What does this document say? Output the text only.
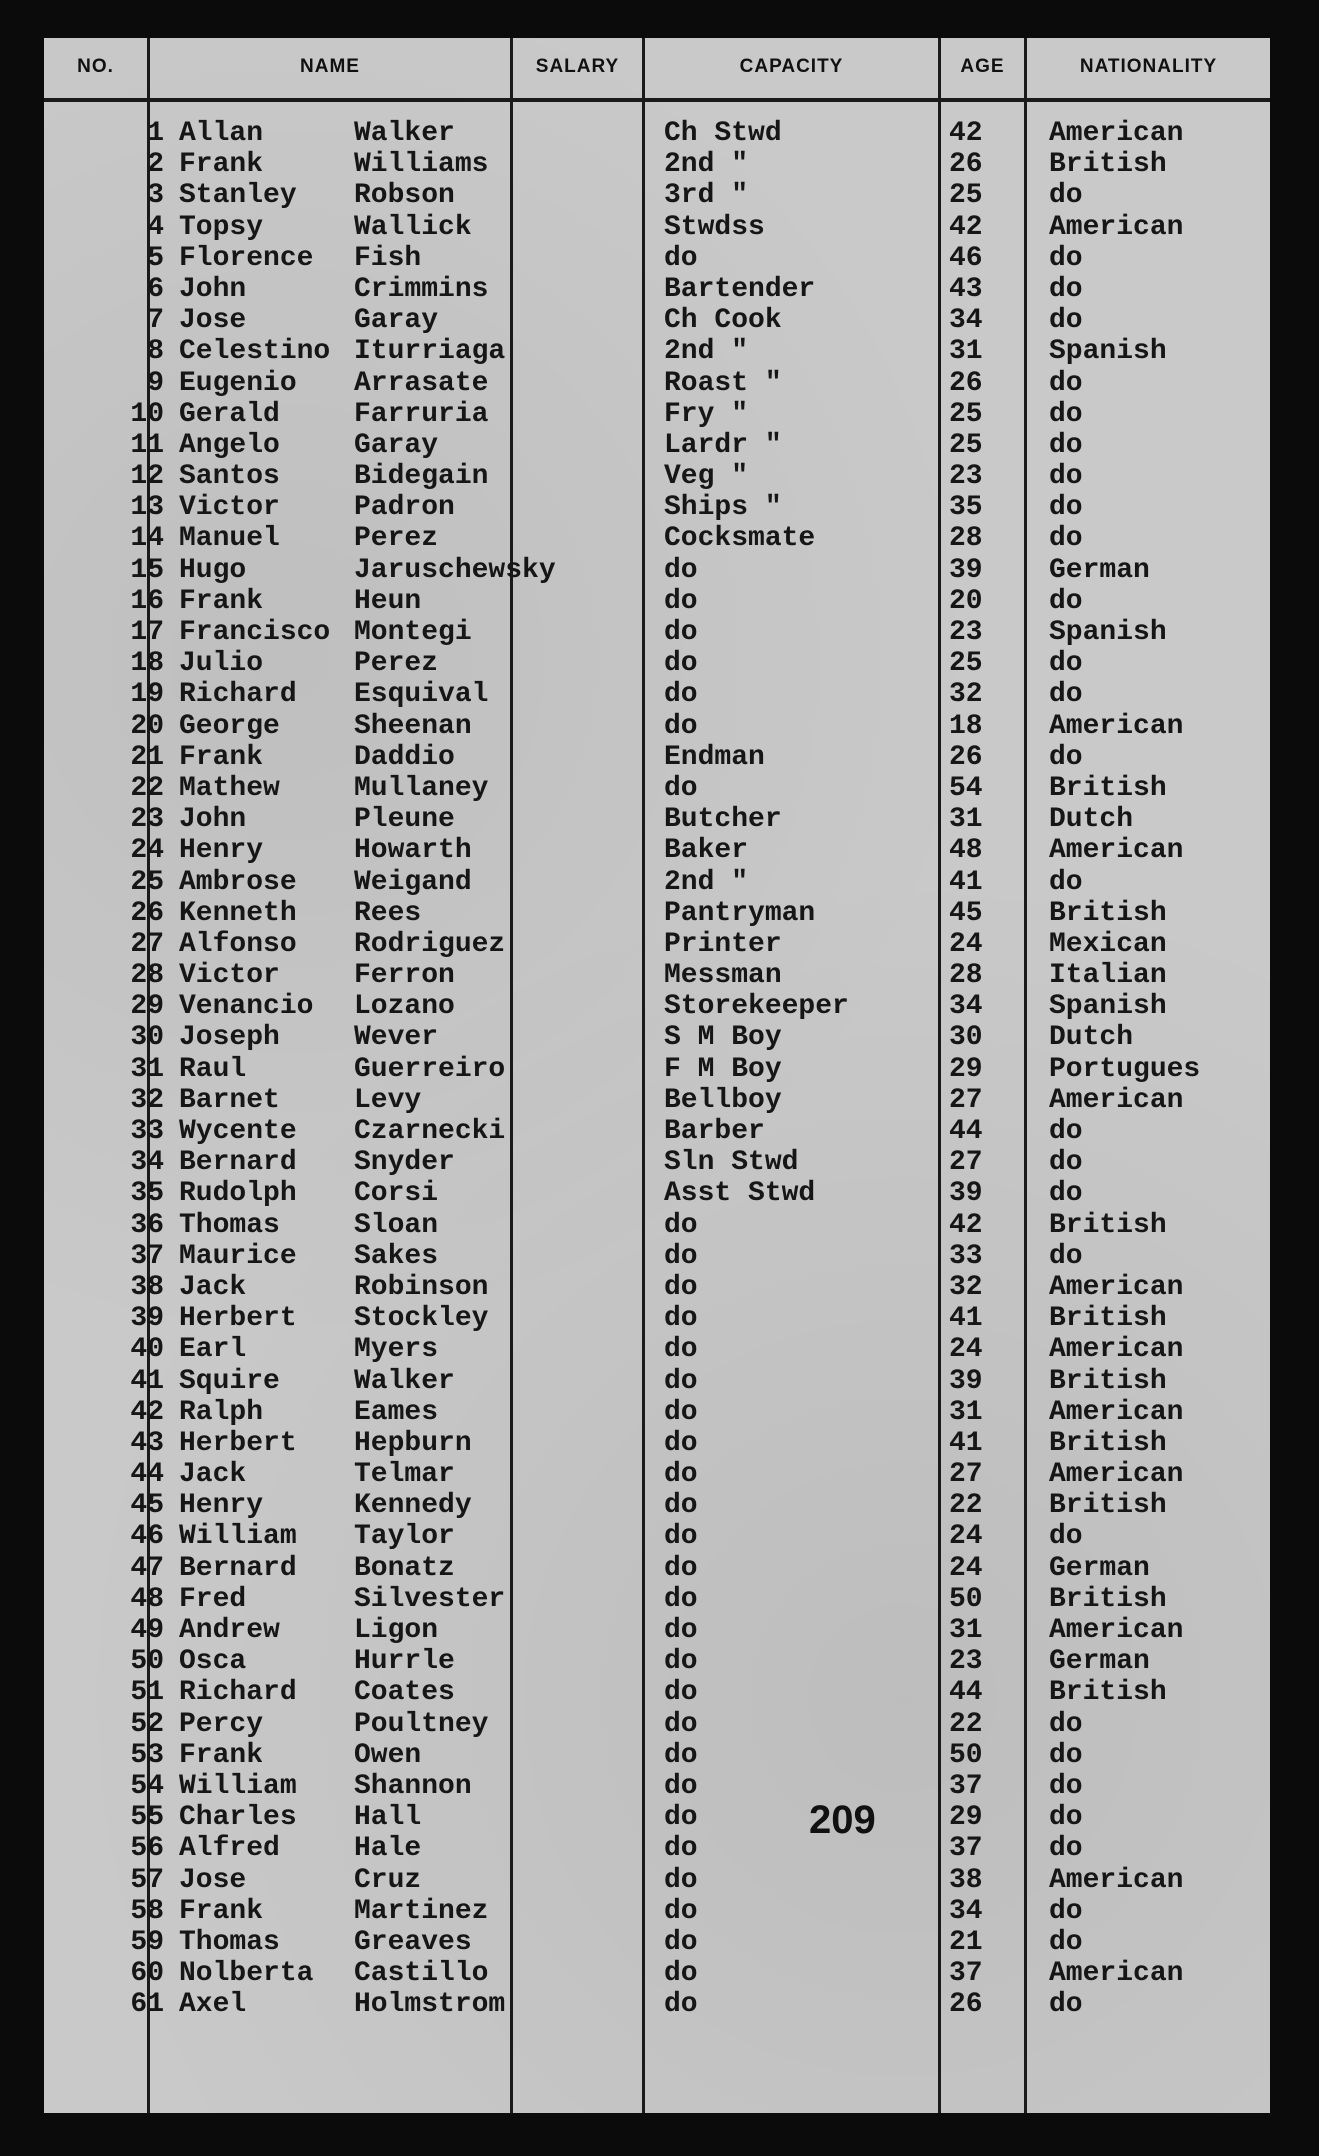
NO.	NAME	SALARY	CAPACITY	AGE	NATIONALITY
1 Allan	Walker	Ch Stwd	42 American
2 Frank	Williams	2nd "	26 British
3 Stanley Robson	3rd "	25 do
4 Topsy	Wallick	Stwdss	42 American
5 Florence Fish	do	46 do
6 John	Crimmins	Bartender	43 do
7 Jose	Garay	Ch Cook	34 do
8 Celestino Iturriaga	2nd "	31 Spanish
9 Eugenio Arrasate	Roast "	26 do
10 Gerald	Farruria	Fry "	25 do
11 Angelo	Garay	Lardr "	25 do
12 Santos	Bidegain	Veg "	23 do
13 Victor	Padron	Ships "	35 do
14 Manuel	Perez	Cocksmate	28 do
15 Hugo	Jaruschewsky	do	39 German
16 Frank	Heun	do	20 do
17 Francisco Montegi	do	23 Spanish
18 Julio	Perez	do	25 do
19 Richard Esquival	do	32 do
20 George	Sheenan	do	18 American
21 Frank	Daddio	Endman	26 do
22 Mathew	Mullaney	do	54 British
23 John	Pleune	Butcher	31 Dutch
24 Henry	Howarth	Baker	48 American
25 Ambrose Weigand	2nd "	41 do
26 Kenneth Rees	Pantryman	45 British
27 Alfonso Rodriguez	Printer	24 Mexican
28 Victor	Ferron	Messman	28 Italian
29 Venancio Lozano	Storekeeper	34 Spanish
30 Joseph	Wever	S M Boy	30 Dutch
31 Raul	Guerreiro	F M Boy	29 Portugues
32 Barnet	Levy	Bellboy	27 American
33 Wycente Czarnecki	Barber	44 do
34 Bernard Snyder	Sln Stwd	27 do
35 Rudolph Corsi	Asst Stwd	39 do
36 Thomas	Sloan	do	42 British
37 Maurice Sakes	do	33 do
38 Jack	Robinson	do	32 American
39 Herbert Stockley	do	41 British
40 Earl	Myers	do	24 American
41 Squire	Walker	do	39 British
42 Ralph	Eames	do	31 American
43 Herbert Hepburn	do	41 British
44 Jack	Telmar	do	27 American
45 Henry	Kennedy	do	22 British
46 William Taylor	do	24 do
47 Bernard Bonatz	do	24 German
48 Fred	Silvester	do	50 British
49 Andrew	Ligon	do	31 American
50 Osca	Hurrle	do	23 German
51 Richard Coates	do	44 British
52 Percy	Poultney	do	22 do
53 Frank	Owen	do	50 do
54 William Shannon	do	37 do
55 Charles Hall	do	29 do
56 Alfred	Hale	do	37 do
57 Jose	Cruz	do	38 American
58 Frank	Martinez	do	34 do
59 Thomas	Greaves	do	21 do
60 Nolberta Castillo	do	37 American
61 Axel	Holmstrom	do	26 do
209
